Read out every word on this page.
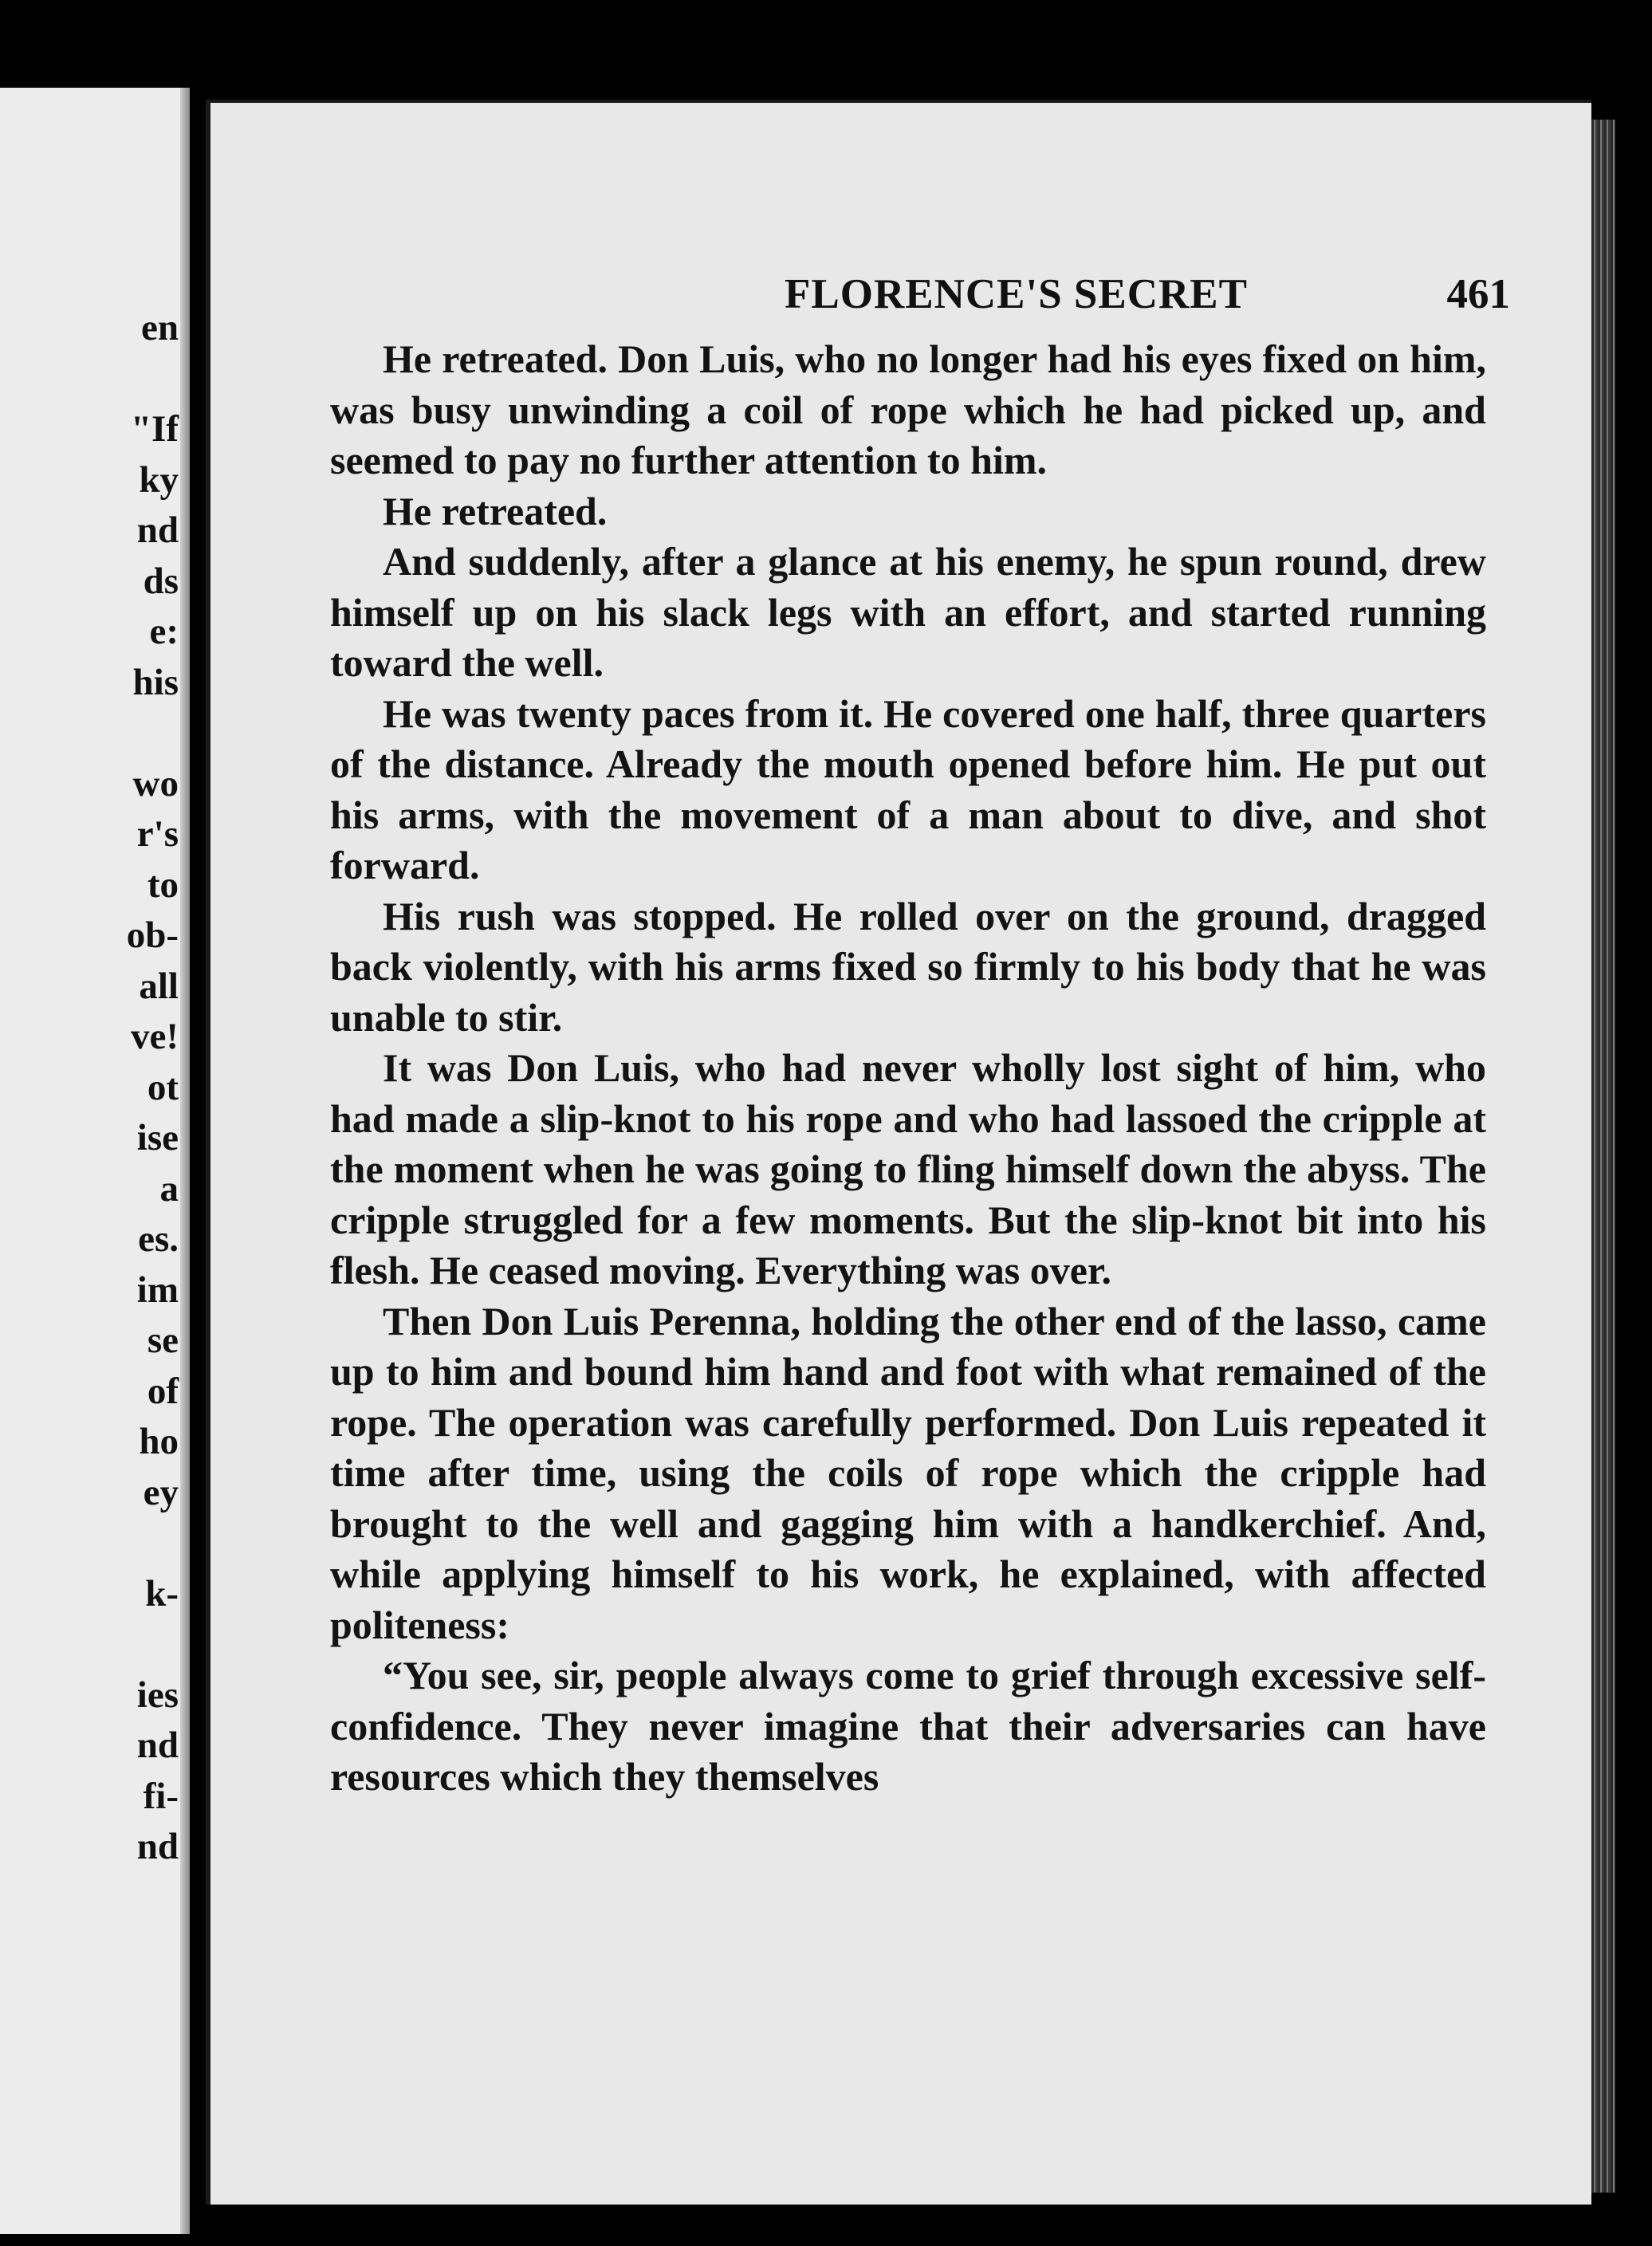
en
"If
ky
nd
ds
e:
his
wo
r's
to
ob-
all
ve!
ot
ise
a
es.
im
se
of
ho
ey
k-
ies
nd
fi-
nd
FLORENCE'S SECRET	461

He retreated. Don Luis, who no longer had his eyes fixed on him, was busy unwinding a coil of rope which he had picked up, and seemed to pay no further attention to him.

He retreated.

And suddenly, after a glance at his enemy, he spun round, drew himself up on his slack legs with an effort, and started running toward the well.

He was twenty paces from it. He covered one half, three quarters of the distance. Already the mouth opened before him. He put out his arms, with the movement of a man about to dive, and shot forward.

His rush was stopped. He rolled over on the ground, dragged back violently, with his arms fixed so firmly to his body that he was unable to stir.

It was Don Luis, who had never wholly lost sight of him, who had made a slip-knot to his rope and who had lassoed the cripple at the moment when he was going to fling himself down the abyss. The cripple struggled for a few moments. But the slip-knot bit into his flesh. He ceased moving. Everything was over.

Then Don Luis Perenna, holding the other end of the lasso, came up to him and bound him hand and foot with what remained of the rope. The operation was carefully performed. Don Luis repeated it time after time, using the coils of rope which the cripple had brought to the well and gagging him with a handkerchief. And, while applying himself to his work, he explained, with affected politeness:

“You see, sir, people always come to grief through excessive self-confidence. They never imagine that their adversaries can have resources which they themselves
